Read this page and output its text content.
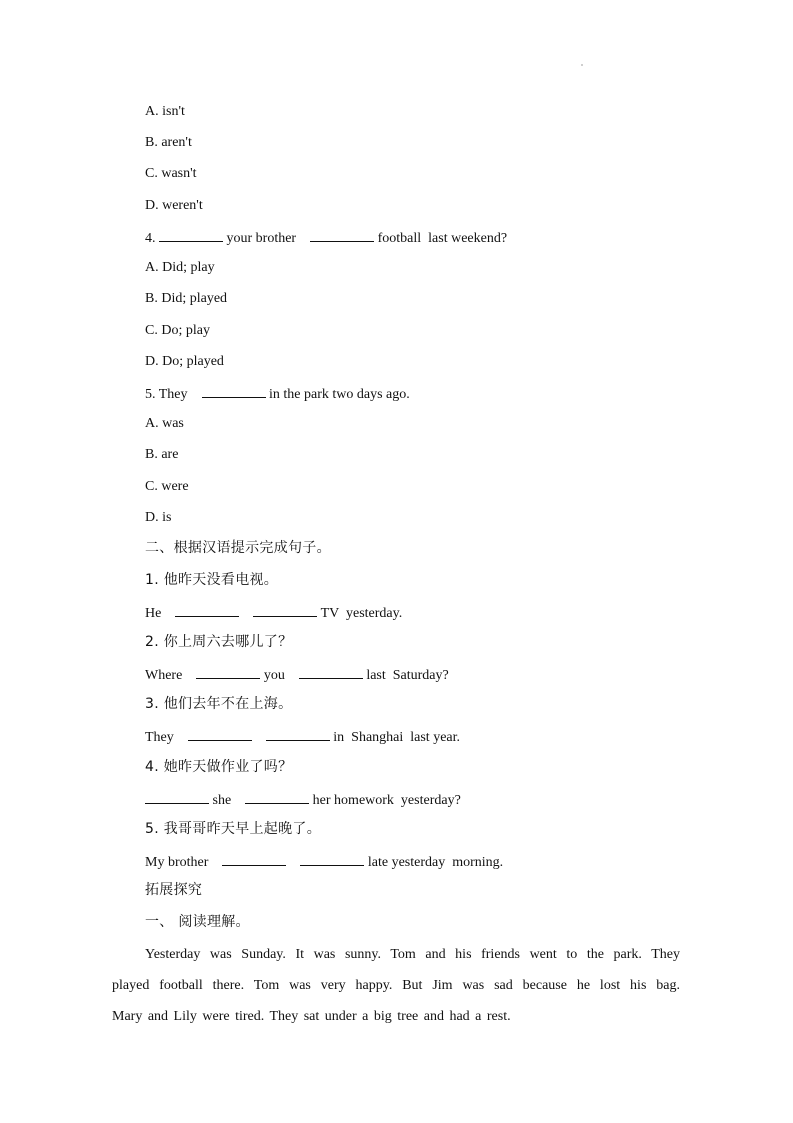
A. isn't
B. aren't
C. wasn't
D. weren't
4.	your brother	football  last weekend?
A. Did; play
B. Did; played
C. Do; play
D. Do; played
5. They	in the park two days ago.
A. was
B. are
C. were
D. is
二、根据汉语提示完成句子。
1. 他昨天没看电视。
He	TV  yesterday.
2. 你上周六去哪儿了？
Where	you	last  Saturday?
3. 他们去年不在上海。
They	in  Shanghai  last year.
4. 她昨天做作业了吗？
she	her homework  yesterday?
5. 我哥哥昨天早上起晚了。
My brother	late yesterday  morning.
拓展探究
一、 阅读理解。
Yesterday was Sunday. It was sunny. Tom and his friends went to the park. They
played football there. Tom was very happy. But Jim was sad because he lost his bag.
Mary and Lily were tired. They sat under a big tree and had a rest.
